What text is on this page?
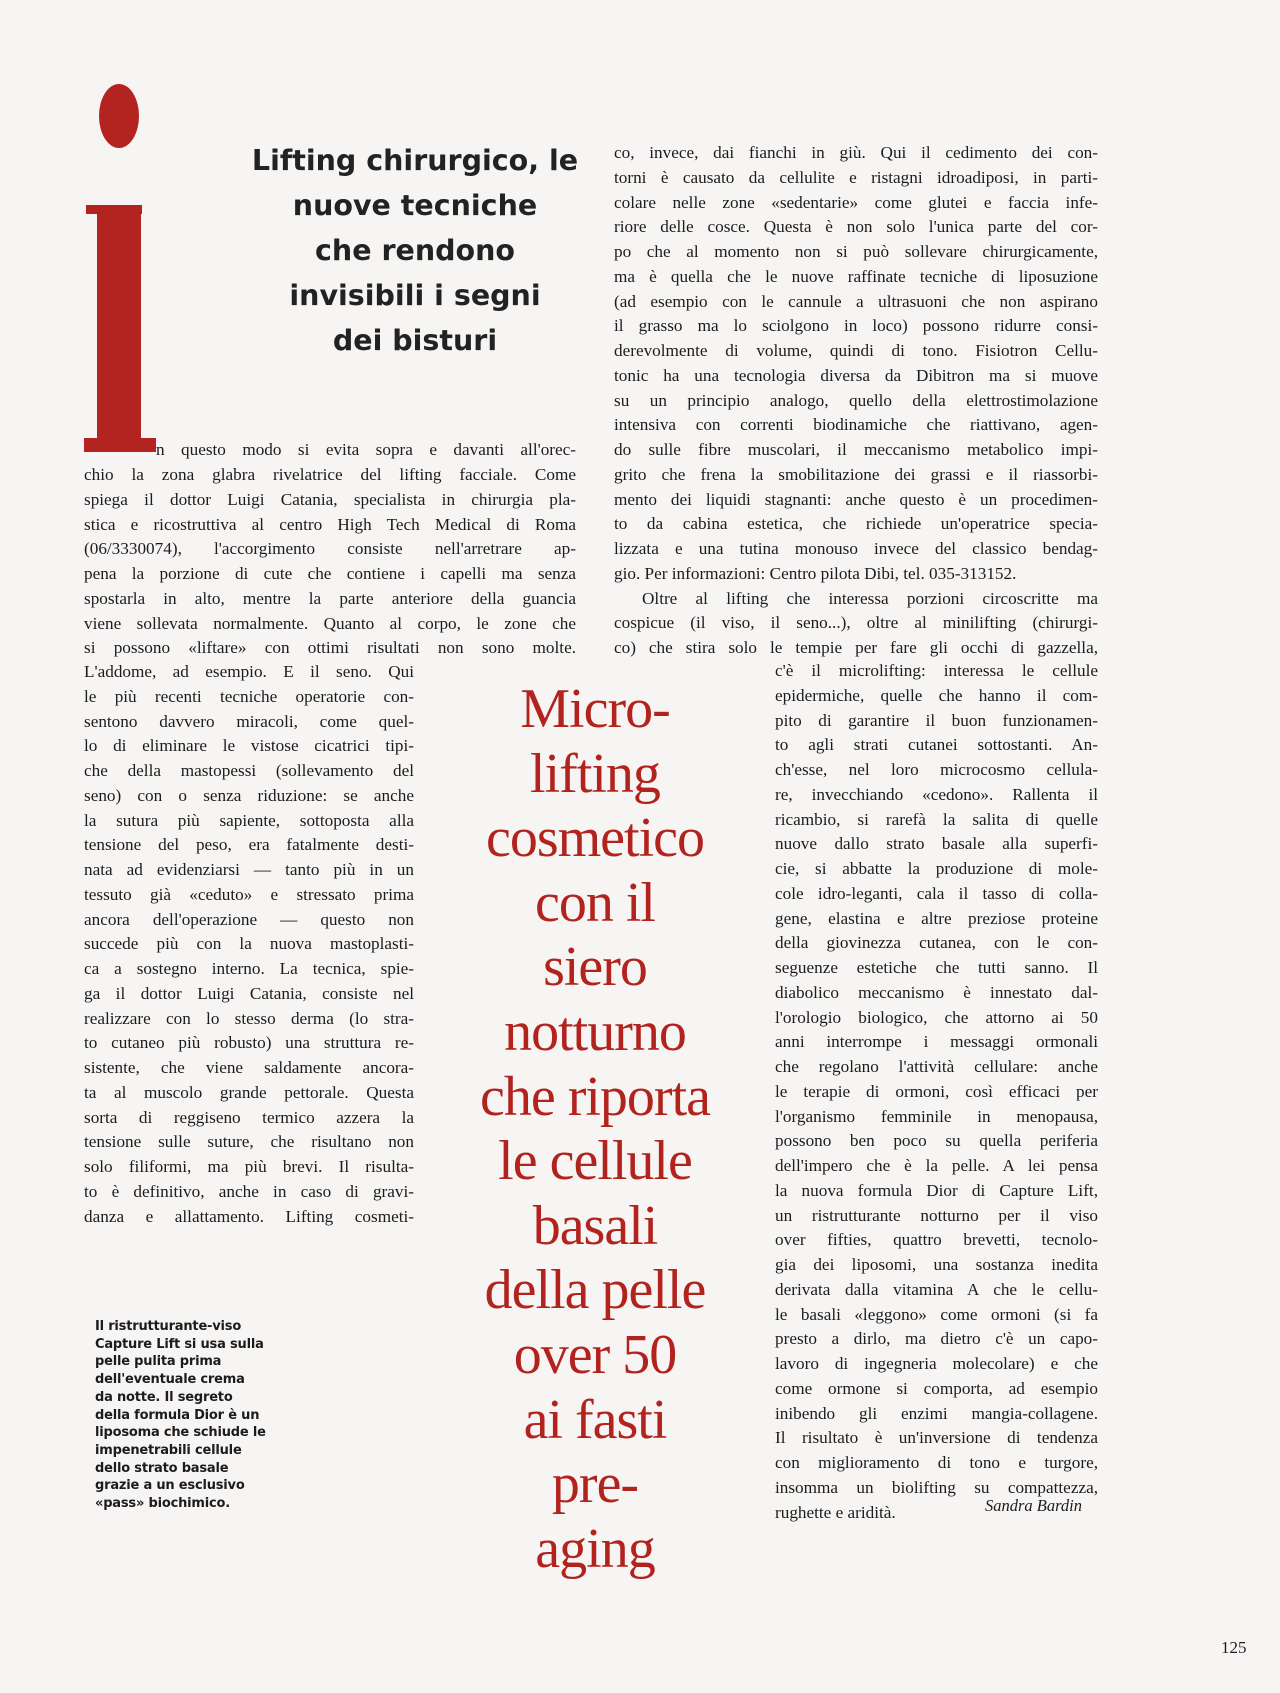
Lifting chirurgico, le
nuove tecniche
che rendono
invisibili i segni
dei bisturi
n questo modo si evita sopra e davanti all'orec-
chio la zona glabra rivelatrice del lifting facciale. Come
spiega il dottor Luigi Catania, specialista in chirurgia pla-
stica e ricostruttiva al centro High Tech Medical di Roma
(06/3330074), l'accorgimento consiste nell'arretrare ap-
pena la porzione di cute che contiene i capelli ma senza
spostarla in alto, mentre la parte anteriore della guancia
viene sollevata normalmente. Quanto al corpo, le zone che
si possono «liftare» con ottimi risultati non sono molte.
L'addome, ad esempio. E il seno. Qui
le più recenti tecniche operatorie con-
sentono davvero miracoli, come quel-
lo di eliminare le vistose cicatrici tipi-
che della mastopessi (sollevamento del
seno) con o senza riduzione: se anche
la sutura più sapiente, sottoposta alla
tensione del peso, era fatalmente desti-
nata ad evidenziarsi — tanto più in un
tessuto già «ceduto» e stressato prima
ancora dell'operazione — questo non
succede più con la nuova mastoplasti-
ca a sostegno interno. La tecnica, spie-
ga il dottor Luigi Catania, consiste nel
realizzare con lo stesso derma (lo stra-
to cutaneo più robusto) una struttura re-
sistente, che viene saldamente ancora-
ta al muscolo grande pettorale. Questa
sorta di reggiseno termico azzera la
tensione sulle suture, che risultano non
solo filiformi, ma più brevi. Il risulta-
to è definitivo, anche in caso di gravi-
danza e allattamento. Lifting cosmeti-
co, invece, dai fianchi in giù. Qui il cedimento dei con-
torni è causato da cellulite e ristagni idroadiposi, in parti-
colare nelle zone «sedentarie» come glutei e faccia infe-
riore delle cosce. Questa è non solo l'unica parte del cor-
po che al momento non si può sollevare chirurgicamente,
ma è quella che le nuove raffinate tecniche di liposuzione
(ad esempio con le cannule a ultrasuoni che non aspirano
il grasso ma lo sciolgono in loco) possono ridurre consi-
derevolmente di volume, quindi di tono. Fisiotron Cellu-
tonic ha una tecnologia diversa da Dibitron ma si muove
su un principio analogo, quello della elettrostimolazione
intensiva con correnti biodinamiche che riattivano, agen-
do sulle fibre muscolari, il meccanismo metabolico impi-
grito che frena la smobilitazione dei grassi e il riassorbi-
mento dei liquidi stagnanti: anche questo è un procedimen-
to da cabina estetica, che richiede un'operatrice specia-
lizzata e una tutina monouso invece del classico bendag-
gio. Per informazioni: Centro pilota Dibi, tel. 035-313152.
Oltre al lifting che interessa porzioni circoscritte ma
cospicue (il viso, il seno...), oltre al minilifting (chirurgi-
co) che stira solo le tempie per fare gli occhi di gazzella,
c'è il microlifting: interessa le cellule
epidermiche, quelle che hanno il com-
pito di garantire il buon funzionamen-
to agli strati cutanei sottostanti. An-
ch'esse, nel loro microcosmo cellula-
re, invecchiando «cedono». Rallenta il
ricambio, si rarefà la salita di quelle
nuove dallo strato basale alla superfi-
cie, si abbatte la produzione di mole-
cole idro-leganti, cala il tasso di colla-
gene, elastina e altre preziose proteine
della giovinezza cutanea, con le con-
seguenze estetiche che tutti sanno. Il
diabolico meccanismo è innestato dal-
l'orologio biologico, che attorno ai 50
anni interrompe i messaggi ormonali
che regolano l'attività cellulare: anche
le terapie di ormoni, così efficaci per
l'organismo femminile in menopausa,
possono ben poco su quella periferia
dell'impero che è la pelle. A lei pensa
la nuova formula Dior di Capture Lift,
un ristrutturante notturno per il viso
over fifties, quattro brevetti, tecnolo-
gia dei liposomi, una sostanza inedita
derivata dalla vitamina A che le cellu-
le basali «leggono» come ormoni (si fa
presto a dirlo, ma dietro c'è un capo-
lavoro di ingegneria molecolare) e che
come ormone si comporta, ad esempio
inibendo gli enzimi mangia-collagene.
Il risultato è un'inversione di tendenza
con miglioramento di tono e turgore,
insomma un biolifting su compattezza,
rughette e aridità.	Sandra Bardin
Micro-
lifting
cosmetico
con il
siero
notturno
che riporta
le cellule
basali
della pelle
over 50
ai fasti
pre-
aging
Il ristrutturante-viso
Capture Lift si usa sulla
pelle pulita prima
dell'eventuale crema
da notte. Il segreto
della formula Dior è un
liposoma che schiude le
impenetrabili cellule
dello strato basale
grazie a un esclusivo
«pass» biochimico.
125
